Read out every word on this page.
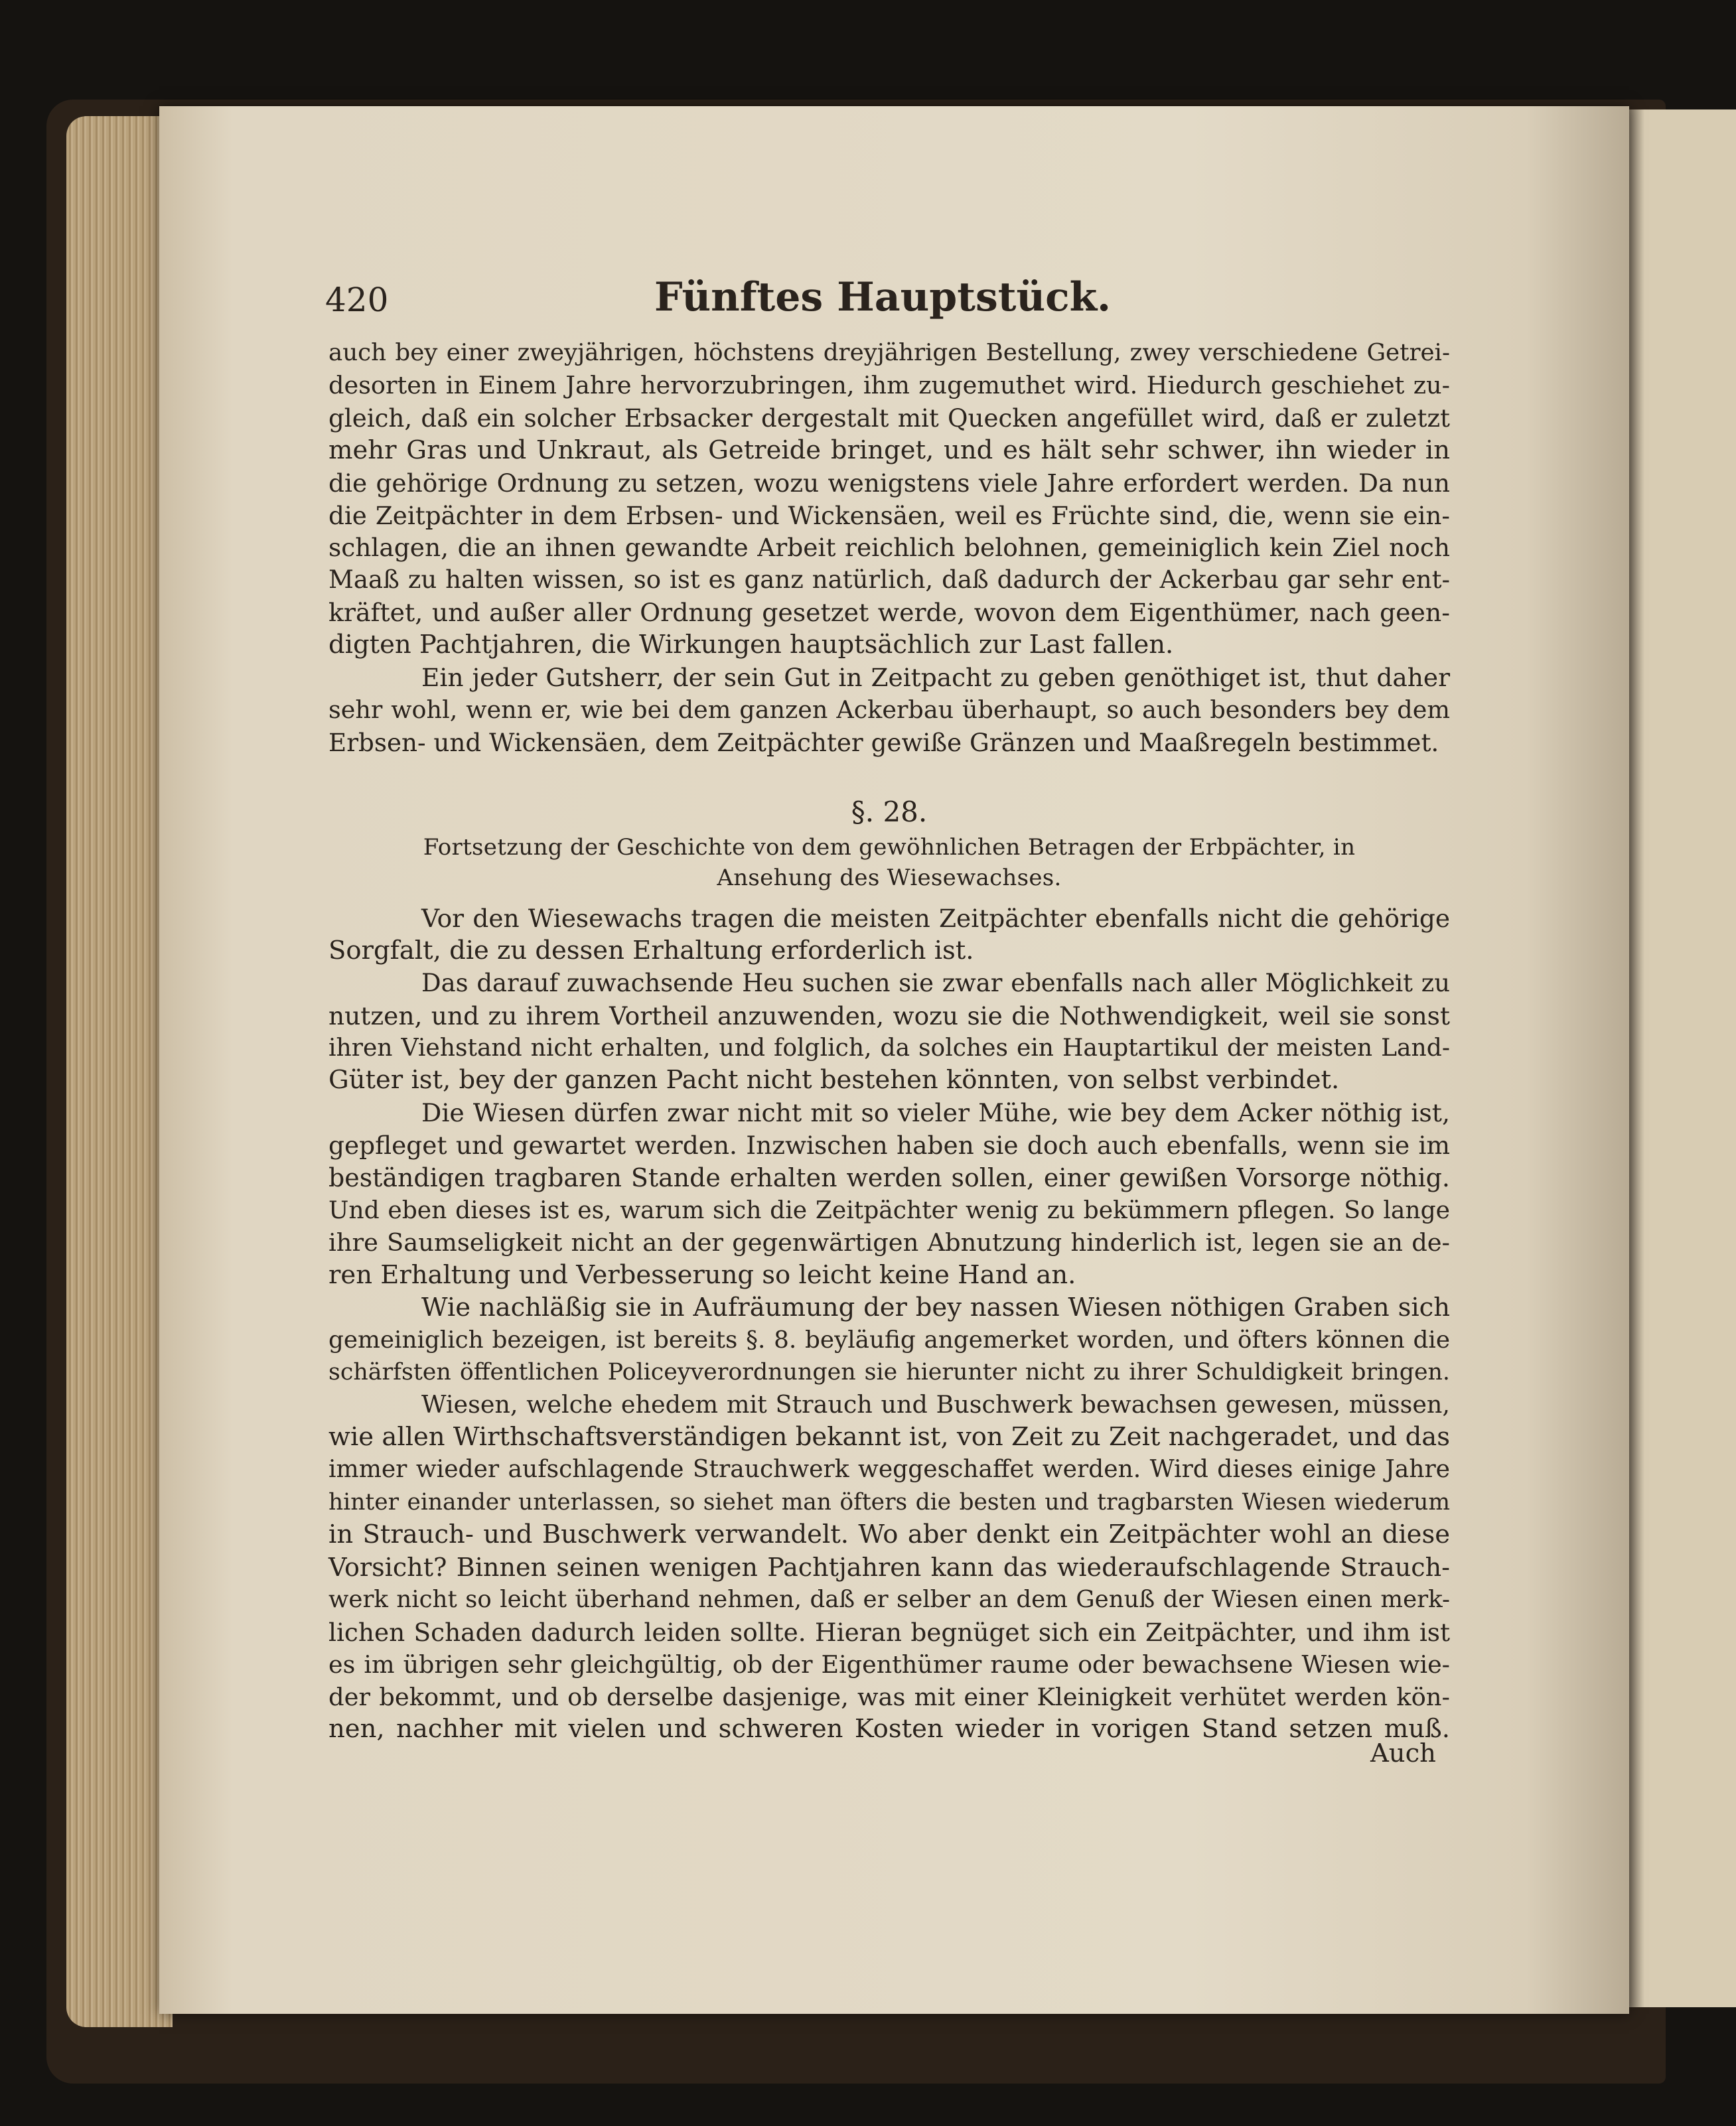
420	Fünftes Hauptstück.
auch bey einer zweyjährigen, höchstens dreyjährigen Bestellung, zwey verschiedene Getrei-
desorten in Einem Jahre hervorzubringen, ihm zugemuthet wird. Hiedurch geschiehet zu-
gleich, daß ein solcher Erbsacker dergestalt mit Quecken angefüllet wird, daß er zuletzt
mehr Gras und Unkraut, als Getreide bringet, und es hält sehr schwer, ihn wieder in
die gehörige Ordnung zu setzen, wozu wenigstens viele Jahre erfordert werden. Da nun
die Zeitpächter in dem Erbsen- und Wickensäen, weil es Früchte sind, die, wenn sie ein-
schlagen, die an ihnen gewandte Arbeit reichlich belohnen, gemeiniglich kein Ziel noch
Maaß zu halten wissen, so ist es ganz natürlich, daß dadurch der Ackerbau gar sehr ent-
kräftet, und außer aller Ordnung gesetzet werde, wovon dem Eigenthümer, nach geen-
digten Pachtjahren, die Wirkungen hauptsächlich zur Last fallen.
Ein jeder Gutsherr, der sein Gut in Zeitpacht zu geben genöthiget ist, thut daher
sehr wohl, wenn er, wie bei dem ganzen Ackerbau überhaupt, so auch besonders bey dem
Erbsen- und Wickensäen, dem Zeitpächter gewiße Gränzen und Maaßregeln bestimmet.
§. 28.
Fortsetzung der Geschichte von dem gewöhnlichen Betragen der Erbpächter, in
Ansehung des Wiesewachses.
Vor den Wiesewachs tragen die meisten Zeitpächter ebenfalls nicht die gehörige
Sorgfalt, die zu dessen Erhaltung erforderlich ist.
Das darauf zuwachsende Heu suchen sie zwar ebenfalls nach aller Möglichkeit zu
nutzen, und zu ihrem Vortheil anzuwenden, wozu sie die Nothwendigkeit, weil sie sonst
ihren Viehstand nicht erhalten, und folglich, da solches ein Hauptartikul der meisten Land-
Güter ist, bey der ganzen Pacht nicht bestehen könnten, von selbst verbindet.
Die Wiesen dürfen zwar nicht mit so vieler Mühe, wie bey dem Acker nöthig ist,
gepfleget und gewartet werden. Inzwischen haben sie doch auch ebenfalls, wenn sie im
beständigen tragbaren Stande erhalten werden sollen, einer gewißen Vorsorge nöthig.
Und eben dieses ist es, warum sich die Zeitpächter wenig zu bekümmern pflegen. So lange
ihre Saumseligkeit nicht an der gegenwärtigen Abnutzung hinderlich ist, legen sie an de-
ren Erhaltung und Verbesserung so leicht keine Hand an.
Wie nachläßig sie in Aufräumung der bey nassen Wiesen nöthigen Graben sich
gemeiniglich bezeigen, ist bereits §. 8. beyläufig angemerket worden, und öfters können die
schärfsten öffentlichen Policeyverordnungen sie hierunter nicht zu ihrer Schuldigkeit bringen.
Wiesen, welche ehedem mit Strauch und Buschwerk bewachsen gewesen, müssen,
wie allen Wirthschaftsverständigen bekannt ist, von Zeit zu Zeit nachgeradet, und das
immer wieder aufschlagende Strauchwerk weggeschaffet werden. Wird dieses einige Jahre
hinter einander unterlassen, so siehet man öfters die besten und tragbarsten Wiesen wiederum
in Strauch- und Buschwerk verwandelt. Wo aber denkt ein Zeitpächter wohl an diese
Vorsicht? Binnen seinen wenigen Pachtjahren kann das wiederaufschlagende Strauch-
werk nicht so leicht überhand nehmen, daß er selber an dem Genuß der Wiesen einen merk-
lichen Schaden dadurch leiden sollte. Hieran begnüget sich ein Zeitpächter, und ihm ist
es im übrigen sehr gleichgültig, ob der Eigenthümer raume oder bewachsene Wiesen wie-
der bekommt, und ob derselbe dasjenige, was mit einer Kleinigkeit verhütet werden kön-
nen, nachher mit vielen und schweren Kosten wieder in vorigen Stand setzen muß.
Auch
